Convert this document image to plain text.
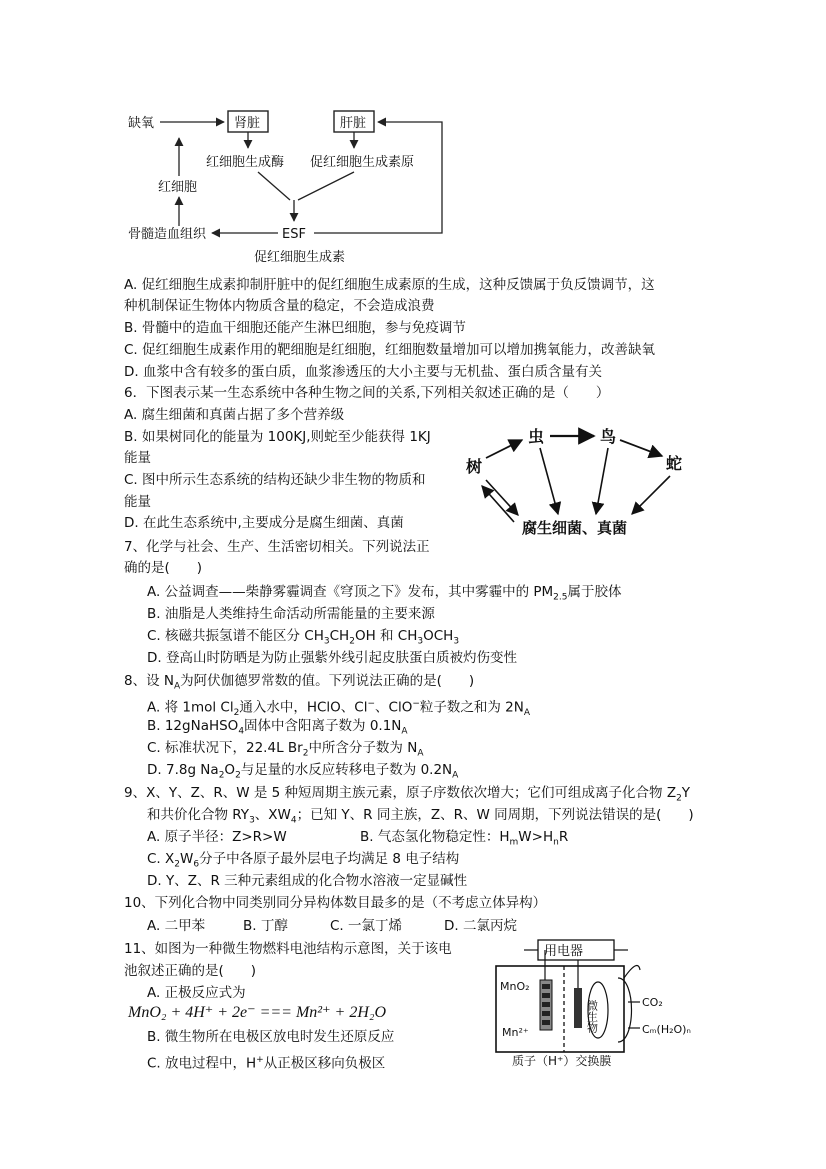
缺氧	肾脏	肝脏
红细胞生成酶 促红细胞生成素原
红细胞
骨髓造血组织	ESF
促红细胞生成素
A. 促红细胞生成素抑制肝脏中的促红细胞生成素原的生成，这种反馈属于负反馈调节，这
种机制保证生物体内物质含量的稳定，不会造成浪费
B. 骨髓中的造血干细胞还能产生淋巴细胞，参与免疫调节
C. 促红细胞生成素作用的靶细胞是红细胞，红细胞数量增加可以增加携氧能力，改善缺氧
D. 血浆中含有较多的蛋白质，血浆渗透压的大小主要与无机盐、蛋白质含量有关
6．下图表示某一生态系统中各种生物之间的关系,下列相关叙述正确的是（　　）
A. 腐生细菌和真菌占据了多个营养级
B. 如果树同化的能量为 100KJ,则蛇至少能获得 1KJ
能量
C. 图中所示生态系统的结构还缺少非生物的物质和
能量
D. 在此生态系统中,主要成分是腐生细菌、真菌
树
虫	鸟
蛇
腐生细菌、真菌
7、化学与社会、生产、生活密切相关。下列说法正
确的是(　　)
A. 公益调查——柴静雾霾调查《穹顶之下》发布，其中雾霾中的 $PM_{2.5}$属于胶体
B. 油脂是人类维持生命活动所需能量的主要来源
C. 核磁共振氢谱不能区分 $CH_3CH_2OH$ 和 $CH_3OCH_3$
D. 登高山时防晒是为防止强紫外线引起皮肤蛋白质被灼伤变性
8、设 $N_A$为阿伏伽德罗常数的值。下列说法正确的是(　　)
A. 将 1mol $Cl_2$通入水中，HClO、Cl−、ClO−粒子数之和为 $2N_A$
B. 12gNaHSO$_4$固体中含阳离子数为 $0.1N_A$
C. 标准状况下，22.4L $Br_2$中所含分子数为 $N_A$
D. 7.8g $Na_2O_2$与足量的水反应转移电子数为 $0.2N_A$
9、X、Y、Z、R、W 是 5 种短周期主族元素，原子序数依次增大；它们可组成离子化合物 $Z_2Y$
和共价化合物 $RY_3$、$XW_4$；已知 Y、R 同主族，Z、R、W 同周期，下列说法错误的是(　　)
A. 原子半径：Z>R>W	B. 气态氢化物稳定性：$H_mW>H_nR$
C. $X_2W_6$分子中各原子最外层电子均满足 8 电子结构
D. Y、Z、R 三种元素组成的化合物水溶液一定显碱性
10、下列化合物中同类别同分异构体数目最多的是（不考虑立体异构）
A. 二甲苯	B. 丁醇	C. 一氯丁烯	D. 二氯丙烷
11、如图为一种微生物燃料电池结构示意图，关于该电
池叙述正确的是(　　)
A. 正极反应式为
MnO₂ + 4H⁺ + 2e⁻ === Mn²⁺ + 2H₂O
B. 微生物所在电极区放电时发生还原反应
C. 放电过程中，H+从正极区移向负极区
用电器
微生物
MnO₂
Mn²⁺
CO₂
Cₘ(H₂O)ₙ
质子（H⁺）交换膜
